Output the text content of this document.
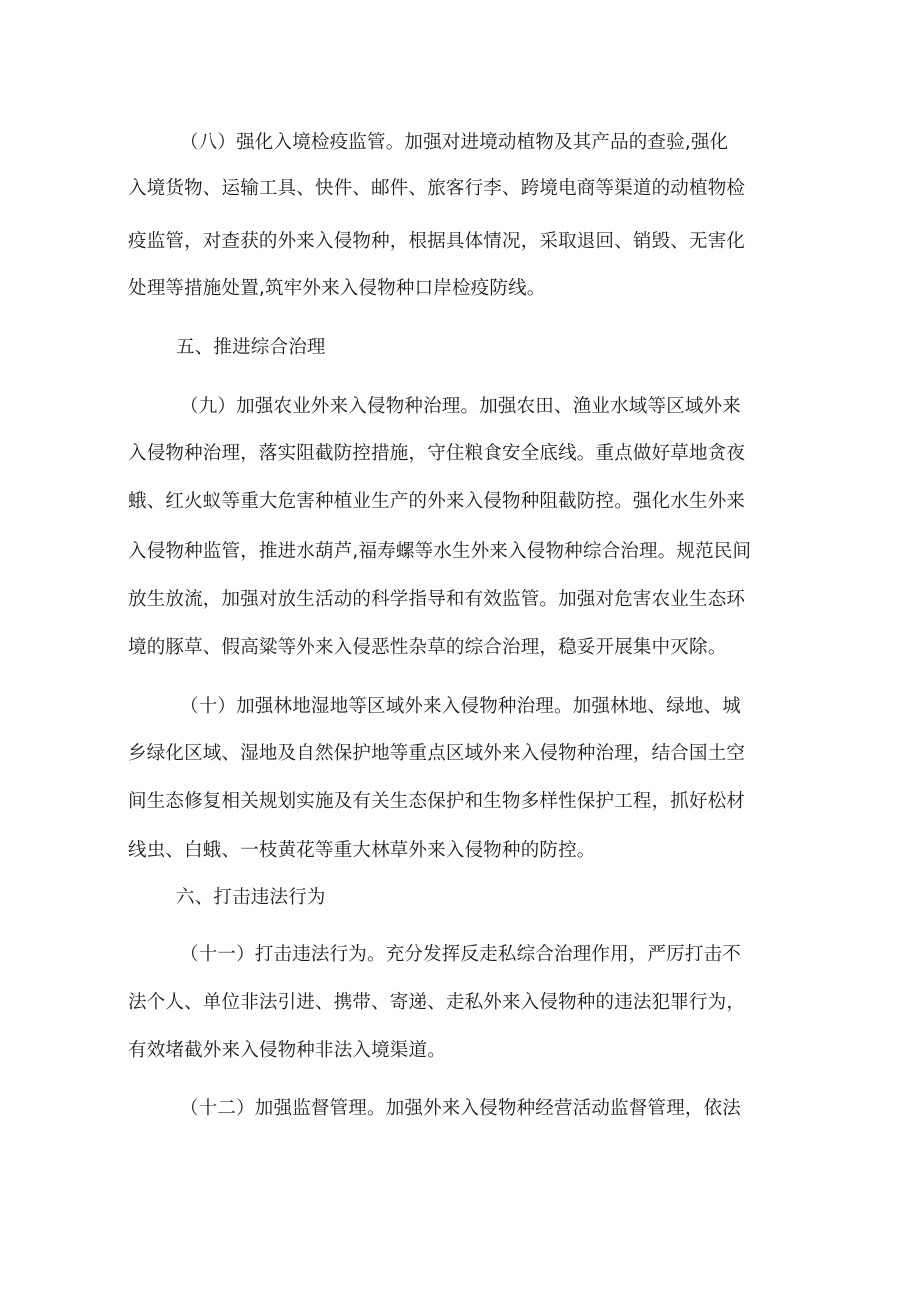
（八）强化入境检疫监管。加强对进境动植物及其产品的查验,强化
入境货物、运输工具、快件、邮件、旅客行李、跨境电商等渠道的动植物检
疫监管，对查获的外来入侵物种，根据具体情况，采取退回、销毁、无害化
处理等措施处置,筑牢外来入侵物种口岸检疫防线。
五、推进综合治理
（九）加强农业外来入侵物种治理。加强农田、渔业水域等区域外来
入侵物种治理，落实阻截防控措施，守住粮食安全底线。重点做好草地贪夜
蛾、红火蚁等重大危害种植业生产的外来入侵物种阻截防控。强化水生外来
入侵物种监管，推进水葫芦,福寿螺等水生外来入侵物种综合治理。规范民间
放生放流，加强对放生活动的科学指导和有效监管。加强对危害农业生态环
境的豚草、假高粱等外来入侵恶性杂草的综合治理，稳妥开展集中灭除。
（十）加强林地湿地等区域外来入侵物种治理。加强林地、绿地、城
乡绿化区域、湿地及自然保护地等重点区域外来入侵物种治理，结合国土空
间生态修复相关规划实施及有关生态保护和生物多样性保护工程，抓好松材
线虫、白蛾、一枝黄花等重大林草外来入侵物种的防控。
六、打击违法行为
（十一）打击违法行为。充分发挥反走私综合治理作用，严厉打击不
法个人、单位非法引进、携带、寄递、走私外来入侵物种的违法犯罪行为，
有效堵截外来入侵物种非法入境渠道。
（十二）加强监督管理。加强外来入侵物种经营活动监督管理，依法
